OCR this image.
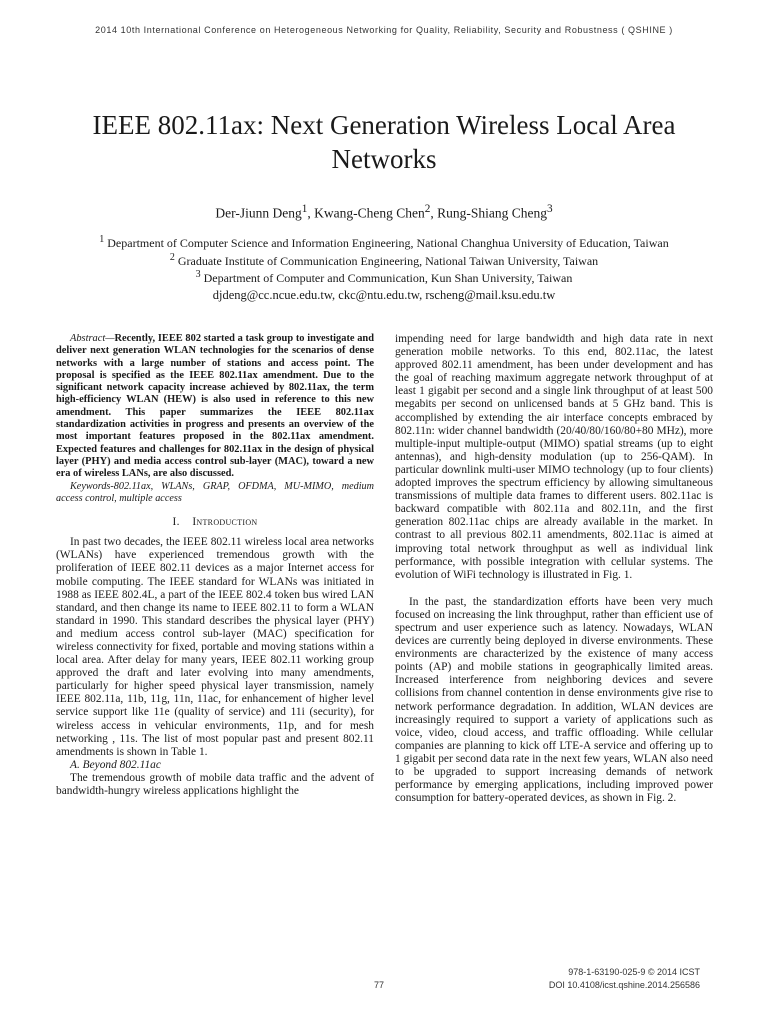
2014 10th International Conference on Heterogeneous Networking for Quality, Reliability, Security and Robustness ( QSHINE )
IEEE 802.11ax: Next Generation Wireless Local Area Networks
Der-Jiunn Deng$^1$, Kwang-Cheng Chen$^2$, Rung-Shiang Cheng$^3$
$^1$ Department of Computer Science and Information Engineering, National Changhua University of Education, Taiwan
$^2$ Graduate Institute of Communication Engineering, National Taiwan University, Taiwan
$^3$ Department of Computer and Communication, Kun Shan University, Taiwan
djdeng@cc.ncue.edu.tw, ckc@ntu.edu.tw, rscheng@mail.ksu.edu.tw

Abstract—Recently, IEEE 802 started a task group to investigate and deliver next generation WLAN technologies for the scenarios of dense networks with a large number of stations and access point. The proposal is specified as the IEEE 802.11ax amendment. Due to the significant network capacity increase achieved by 802.11ax, the term high-efficiency WLAN (HEW) is also used in reference to this new amendment. This paper summarizes the IEEE 802.11ax standardization activities in progress and presents an overview of the most important features proposed in the 802.11ax amendment. Expected features and challenges for 802.11ax in the design of physical layer (PHY) and media access control sub-layer (MAC), toward a new era of wireless LANs, are also discussed.

Keywords-802.11ax, WLANs, GRAP, OFDMA, MU-MIMO, medium access control, multiple access

I. Introduction

In past two decades, the IEEE 802.11 wireless local area networks (WLANs) have experienced tremendous growth with the proliferation of IEEE 802.11 devices as a major Internet access for mobile computing. The IEEE standard for WLANs was initiated in 1988 as IEEE 802.4L, a part of the IEEE 802.4 token bus wired LAN standard, and then change its name to IEEE 802.11 to form a WLAN standard in 1990. This standard describes the physical layer (PHY) and medium access control sub-layer (MAC) specification for wireless connectivity for fixed, portable and moving stations within a local area. After delay for many years, IEEE 802.11 working group approved the draft and later evolving into many amendments, particularly for higher speed physical layer transmission, namely IEEE 802.11a, 11b, 11g, 11n, 11ac, for enhancement of higher level service support like 11e (quality of service) and 11i (security), for wireless access in vehicular environments, 11p, and for mesh networking , 11s. The list of most popular past and present 802.11 amendments is shown in Table 1.

A. Beyond 802.11ac

The tremendous growth of mobile data traffic and the advent of bandwidth-hungry wireless applications highlight the

impending need for large bandwidth and high data rate in next generation mobile networks. To this end, 802.11ac, the latest approved 802.11 amendment, has been under development and has the goal of reaching maximum aggregate network throughput of at least 1 gigabit per second and a single link throughput of at least 500 megabits per second on unlicensed bands at 5 GHz band. This is accomplished by extending the air interface concepts embraced by 802.11n: wider channel bandwidth (20/40/80/160/80+80 MHz), more multiple-input multiple-output (MIMO) spatial streams (up to eight antennas), and high-density modulation (up to 256-QAM). In particular downlink multi-user MIMO technology (up to four clients) adopted improves the spectrum efficiency by allowing simultaneous transmissions of multiple data frames to different users. 802.11ac is backward compatible with 802.11a and 802.11n, and the first generation 802.11ac chips are already available in the market. In contrast to all previous 802.11 amendments, 802.11ac is aimed at improving total network throughput as well as individual link performance, with possible integration with cellular systems. The evolution of WiFi technology is illustrated in Fig. 1.

In the past, the standardization efforts have been very much focused on increasing the link throughput, rather than efficient use of spectrum and user experience such as latency. Nowadays, WLAN devices are currently being deployed in diverse environments. These environments are characterized by the existence of many access points (AP) and mobile stations in geographically limited areas. Increased interference from neighboring devices and severe collisions from channel contention in dense environments give rise to network performance degradation. In addition, WLAN devices are increasingly required to support a variety of applications such as voice, video, cloud access, and traffic offloading. While cellular companies are planning to kick off LTE-A service and offering up to 1 gigabit per second data rate in the next few years, WLAN also need to be upgraded to support increasing demands of network performance by emerging applications, including improved power consumption for battery-operated devices, as shown in Fig. 2.

978-1-63190-025-9 © 2014 ICST
77	DOI 10.4108/icst.qshine.2014.256586
